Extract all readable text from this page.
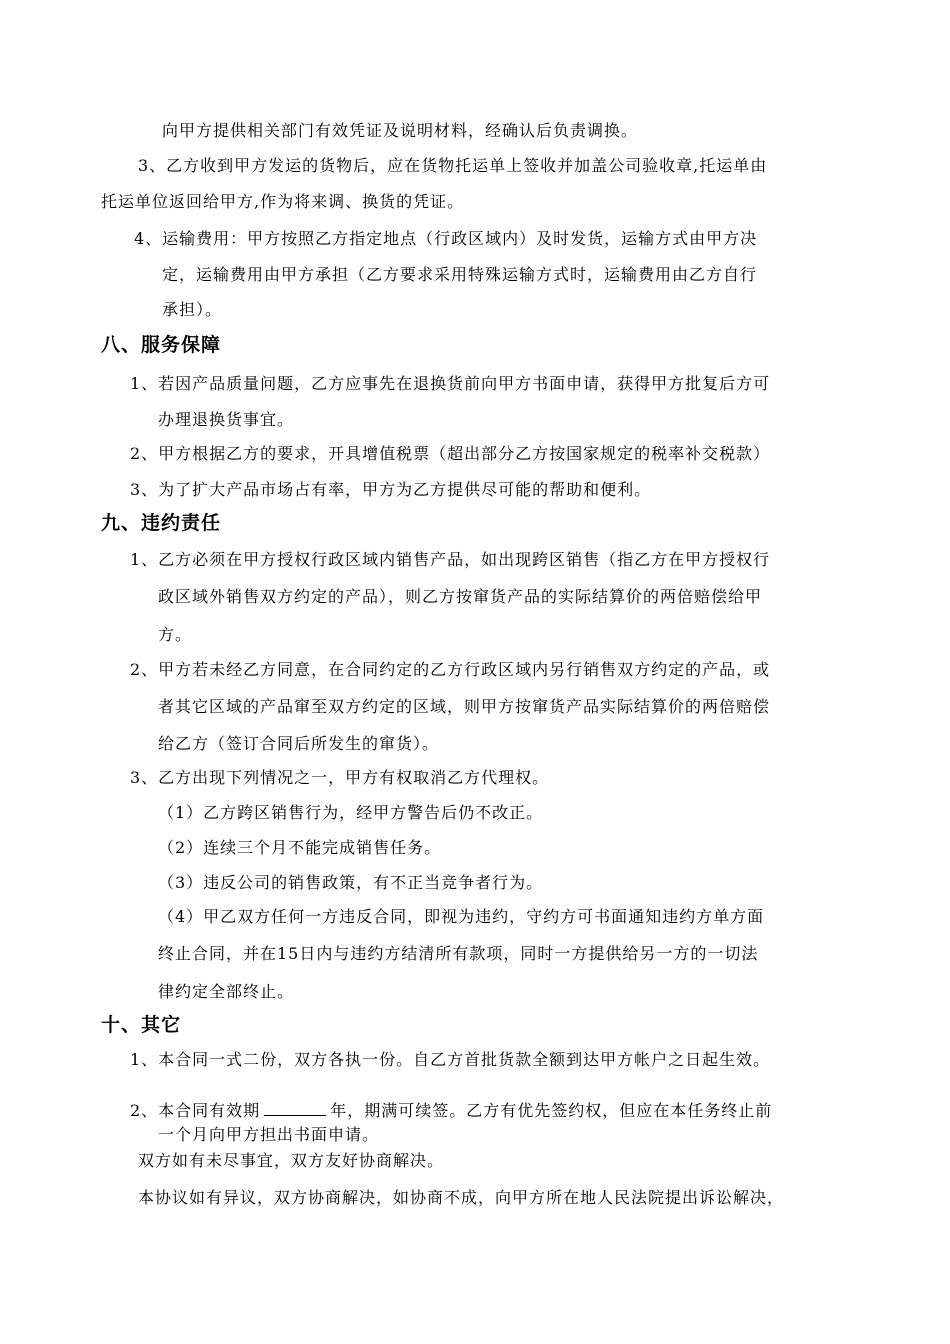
向甲方提供相关部门有效凭证及说明材料，经确认后负责调换。
3、乙方收到甲方发运的货物后，应在货物托运单上签收并加盖公司验收章,托运单由
托运单位返回给甲方,作为将来调、换货的凭证。
4、运输费用：甲方按照乙方指定地点（行政区域内）及时发货，运输方式由甲方决
定，运输费用由甲方承担（乙方要求采用特殊运输方式时，运输费用由乙方自行
承担）。
八、服务保障
1、若因产品质量问题，乙方应事先在退换货前向甲方书面申请，获得甲方批复后方可
办理退换货事宜。
2、甲方根据乙方的要求，开具增值税票（超出部分乙方按国家规定的税率补交税款）
3、为了扩大产品市场占有率，甲方为乙方提供尽可能的帮助和便利。
九、违约责任
1、乙方必须在甲方授权行政区域内销售产品，如出现跨区销售（指乙方在甲方授权行
政区域外销售双方约定的产品），则乙方按窜货产品的实际结算价的两倍赔偿给甲
方。
2、甲方若未经乙方同意，在合同约定的乙方行政区域内另行销售双方约定的产品，或
者其它区域的产品窜至双方约定的区域，则甲方按窜货产品实际结算价的两倍赔偿
给乙方（签订合同后所发生的窜货）。
3、乙方出现下列情况之一，甲方有权取消乙方代理权。
（1）乙方跨区销售行为，经甲方警告后仍不改正。
（2）连续三个月不能完成销售任务。
（3）违反公司的销售政策，有不正当竞争者行为。
（4）甲乙双方任何一方违反合同，即视为违约，守约方可书面通知违约方单方面
终止合同，并在15日内与违约方结清所有款项，同时一方提供给另一方的一切法
律约定全部终止。
十、其它
1、本合同一式二份，双方各执一份。自乙方首批货款全额到达甲方帐户之日起生效。
2、本合同有效期	年，期满可续签。乙方有优先签约权，但应在本任务终止前
一个月向甲方担出书面申请。
双方如有未尽事宜，双方友好协商解决。
本协议如有异议，双方协商解决，如协商不成，向甲方所在地人民法院提出诉讼解决，
